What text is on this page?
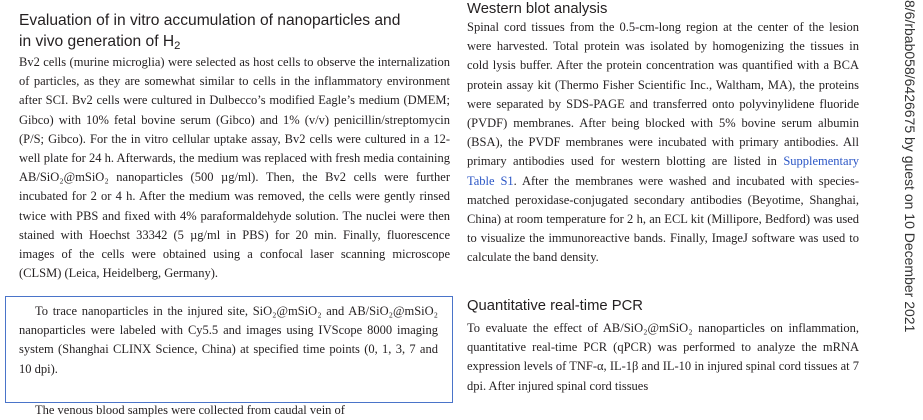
Evaluation of in vitro accumulation of nanoparticles and
in vivo generation of $H_2$

Bv2 cells (murine microglia) were selected as host cells to observe the internalization of particles, as they are somewhat similar to cells in the inflammatory environment after SCI. Bv2 cells were cultured in Dulbecco’s modified Eagle’s medium (DMEM; Gibco) with 10% fetal bovine serum (Gibco) and 1% (v/v) penicillin/streptomycin (P/S; Gibco). For the in vitro cellular uptake assay, Bv2 cells were cultured in a 12-well plate for 24 h. Afterwards, the medium was replaced with fresh media containing AB/SiO₂@mSiO₂ nanoparticles (500 µg/ml). Then, the Bv2 cells were further incubated for 2 or 4 h. After the medium was removed, the cells were gently rinsed twice with PBS and fixed with 4% paraformaldehyde solution. The nuclei were then stained with Hoechst 33342 (5 µg/ml in PBS) for 20 min. Finally, fluorescence images of the cells were obtained using a confocal laser scanning microscope (CLSM) (Leica, Heidelberg, Germany).

To trace nanoparticles in the injured site, SiO₂@mSiO₂ and AB/SiO₂@mSiO₂ nanoparticles were labeled with Cy5.5 and images using IVScope 8000 imaging system (Shanghai CLINX Science, China) at specified time points (0, 1, 3, 7 and 10 dpi).

The venous blood samples were collected from caudal vein of

Western blot analysis

Spinal cord tissues from the 0.5-cm-long region at the center of the lesion were harvested. Total protein was isolated by homogenizing the tissues in cold lysis buffer. After the protein concentration was quantified with a BCA protein assay kit (Thermo Fisher Scientific Inc., Waltham, MA), the proteins were separated by SDS-PAGE and transferred onto polyvinylidene fluoride (PVDF) membranes. After being blocked with 5% bovine serum albumin (BSA), the PVDF membranes were incubated with primary antibodies. All primary antibodies used for western blotting are listed in Supplementary Table S1. After the membranes were washed and incubated with species-matched peroxidase-conjugated secondary antibodies (Beyotime, Shanghai, China) at room temperature for 2 h, an ECL kit (Millipore, Bedford) was used to visualize the immunoreactive bands. Finally, ImageJ software was used to calculate the band density.

Quantitative real-time PCR

To evaluate the effect of AB/SiO₂@mSiO₂ nanoparticles on inflammation, quantitative real-time PCR (qPCR) was performed to analyze the mRNA expression levels of TNF-α, IL-1β and IL-10 in injured spinal cord tissues at 7 dpi. After injured spinal cord tissues

8/6/rbab058/6426675 by guest on 10 December 2021
